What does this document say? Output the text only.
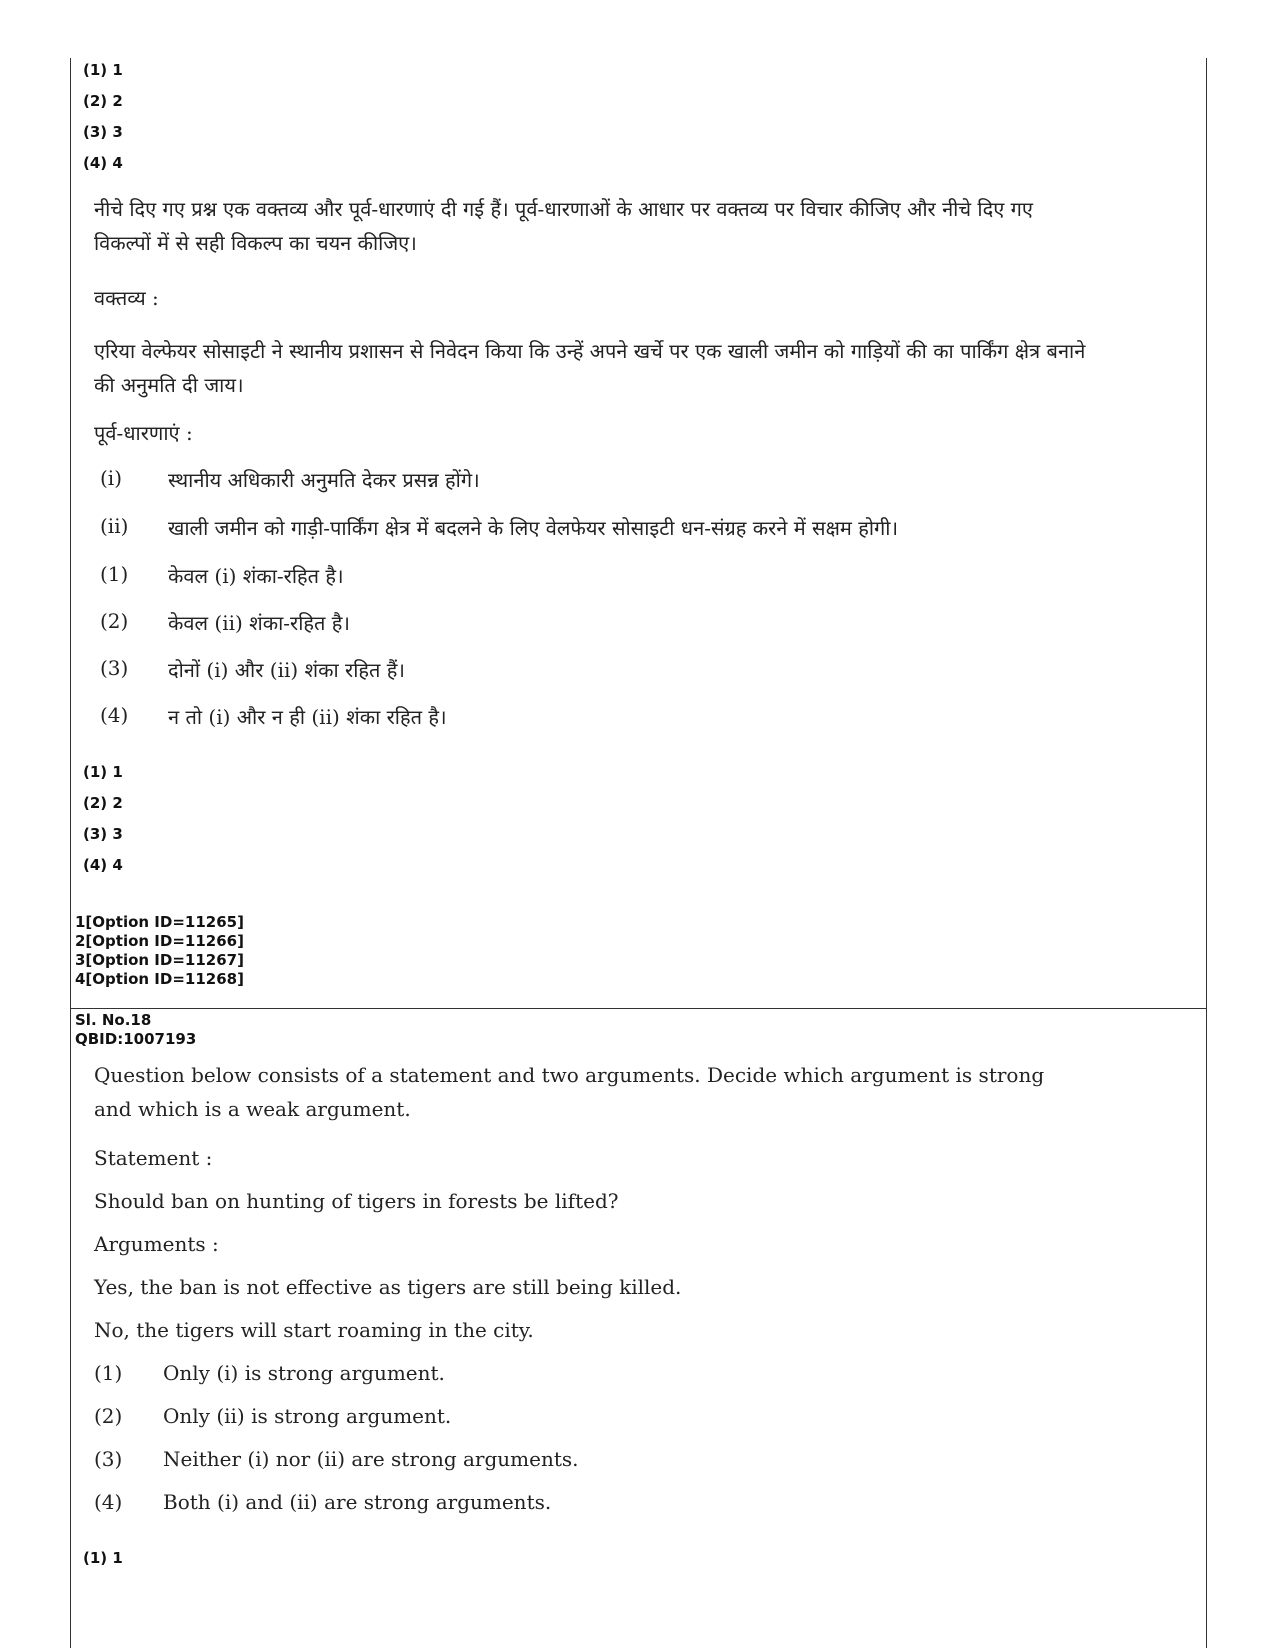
(1) 1
(2) 2
(3) 3
(4) 4
नीचे दिए गए प्रश्न एक वक्तव्य और पूर्व-धारणाएं दी गई हैं। पूर्व-धारणाओं के आधार पर वक्तव्य पर विचार कीजिए और नीचे दिए गए विकल्पों में से सही विकल्प का चयन कीजिए।
वक्तव्य :
एरिया वेल्फेयर सोसाइटी ने स्थानीय प्रशासन से निवेदन किया कि उन्हें अपने खर्चे पर एक खाली जमीन को गाड़ियों की का पार्किंग क्षेत्र बनाने की अनुमति दी जाय।
पूर्व-धारणाएं :
(i) स्थानीय अधिकारी अनुमति देकर प्रसन्न होंगे।
(ii) खाली जमीन को गाड़ी-पार्किंग क्षेत्र में बदलने के लिए वेलफेयर सोसाइटी धन-संग्रह करने में सक्षम होगी।
(1) केवल (i) शंका-रहित है।
(2) केवल (ii) शंका-रहित है।
(3) दोनों (i) और (ii) शंका रहित हैं।
(4) न तो (i) और न ही (ii) शंका रहित है।
(1) 1
(2) 2
(3) 3
(4) 4
1[Option ID=11265]
2[Option ID=11266]
3[Option ID=11267]
4[Option ID=11268]
Sl. No.18
QBID:1007193
Question below consists of a statement and two arguments. Decide which argument is strong and which is a weak argument.
Statement :
Should ban on hunting of tigers in forests be lifted?
Arguments :
Yes, the ban is not effective as tigers are still being killed.
No, the tigers will start roaming in the city.
(1) Only (i) is strong argument.
(2) Only (ii) is strong argument.
(3) Neither (i) nor (ii) are strong arguments.
(4) Both (i) and (ii) are strong arguments.
(1) 1
